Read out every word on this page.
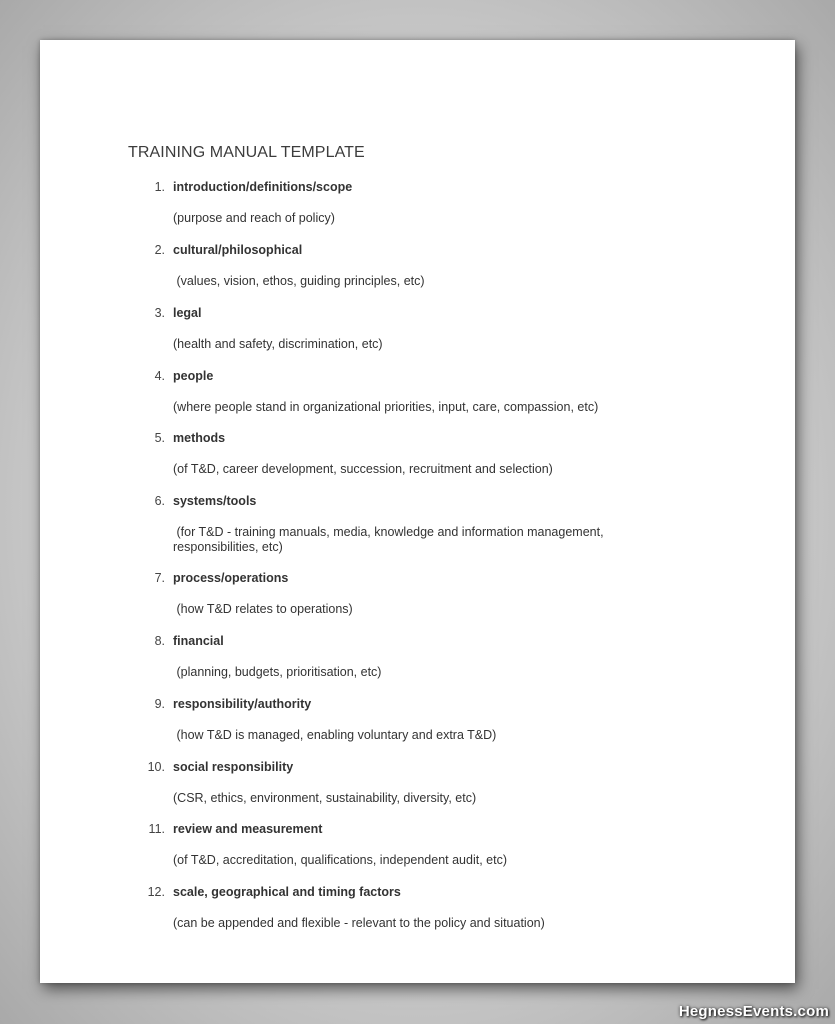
TRAINING MANUAL TEMPLATE
1. introduction/definitions/scope
(purpose and reach of policy)
2. cultural/philosophical
(values, vision, ethos, guiding principles, etc)
3. legal
(health and safety, discrimination, etc)
4. people
(where people stand in organizational priorities, input, care, compassion, etc)
5. methods
(of T&D, career development, succession, recruitment and selection)
6. systems/tools
(for T&D - training manuals, media, knowledge and information management, responsibilities, etc)
7. process/operations
(how T&D relates to operations)
8. financial
(planning, budgets, prioritisation, etc)
9. responsibility/authority
(how T&D is managed, enabling voluntary and extra T&D)
10. social responsibility
(CSR, ethics, environment, sustainability, diversity, etc)
11. review and measurement
(of T&D, accreditation, qualifications, independent audit, etc)
12. scale, geographical and timing factors
(can be appended and flexible - relevant to the policy and situation)
HegnessEvents.com
